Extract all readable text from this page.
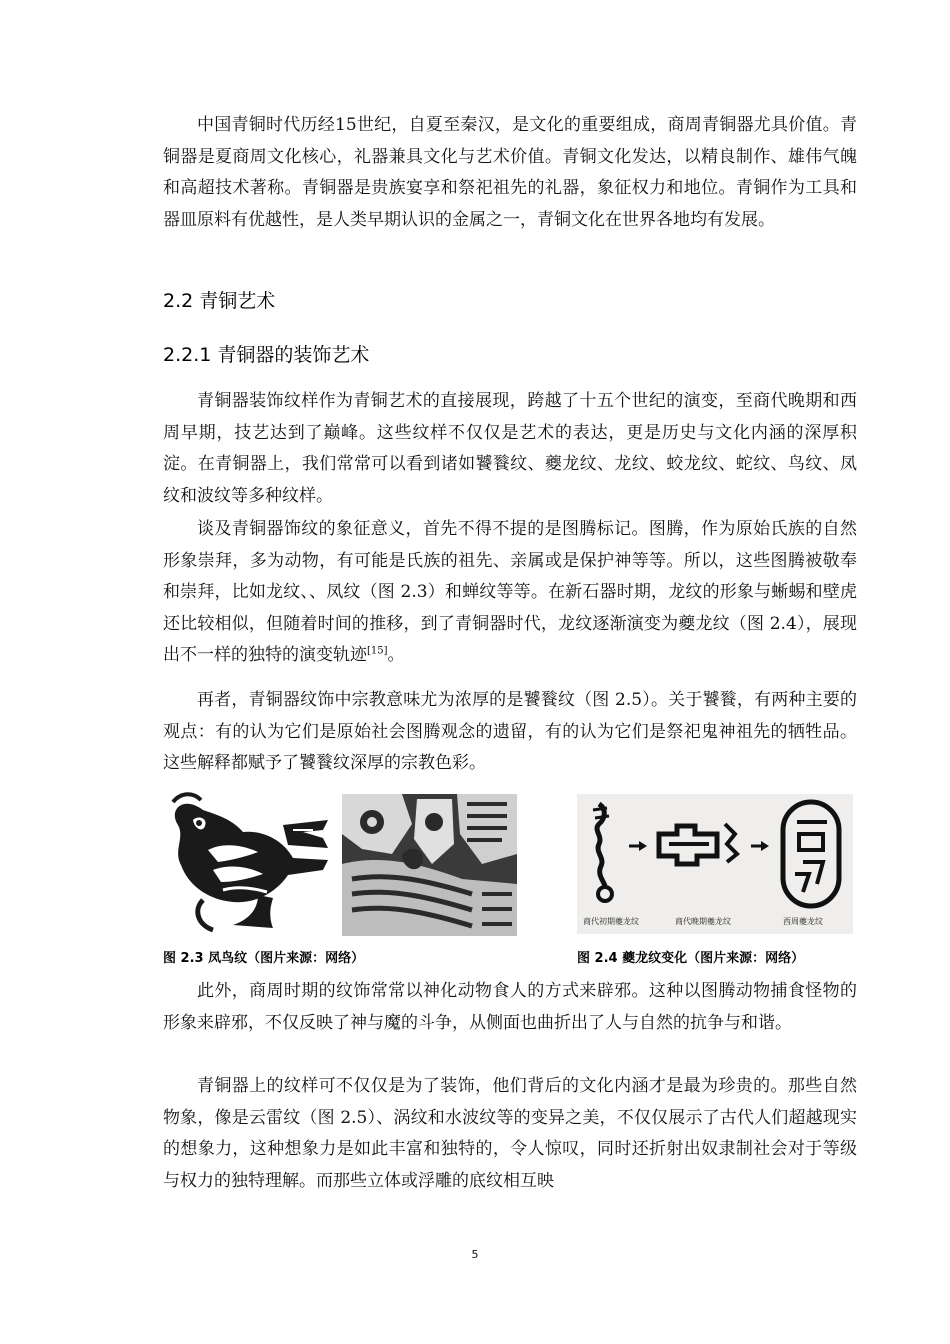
中国青铜时代历经15世纪，自夏至秦汉，是文化的重要组成，商周青铜器尤具价值。青铜器是夏商周文化核心，礼器兼具文化与艺术价值。青铜文化发达，以精良制作、雄伟气魄和高超技术著称。青铜器是贵族宴享和祭祀祖先的礼器，象征权力和地位。青铜作为工具和器皿原料有优越性，是人类早期认识的金属之一，青铜文化在世界各地均有发展。

2.2 青铜艺术
2.2.1 青铜器的装饰艺术

青铜器装饰纹样作为青铜艺术的直接展现，跨越了十五个世纪的演变，至商代晚期和西周早期，技艺达到了巅峰。这些纹样不仅仅是艺术的表达，更是历史与文化内涵的深厚积淀。在青铜器上，我们常常可以看到诸如饕餮纹、夔龙纹、龙纹、蛟龙纹、蛇纹、鸟纹、凤纹和波纹等多种纹样。

谈及青铜器饰纹的象征意义，首先不得不提的是图腾标记。图腾，作为原始氏族的自然形象崇拜，多为动物，有可能是氏族的祖先、亲属或是保护神等等。所以，这些图腾被敬奉和崇拜，比如龙纹、、凤纹（图 2.3）和蝉纹等等。在新石器时期，龙纹的形象与蜥蜴和壁虎还比较相似，但随着时间的推移，到了青铜器时代，龙纹逐渐演变为夔龙纹（图 2.4），展现出不一样的独特的演变轨迹[15]。

再者，青铜器纹饰中宗教意味尤为浓厚的是饕餮纹（图 2.5）。关于饕餮，有两种主要的观点：有的认为它们是原始社会图腾观念的遗留，有的认为它们是祭祀鬼神祖先的牺牲品。这些解释都赋予了饕餮纹深厚的宗教色彩。

商代初期夔龙纹	商代晚期夔龙纹	西周夔龙纹

图 2.3 凤鸟纹（图片来源：网络）	图 2.4 夔龙纹变化（图片来源：网络）

此外，商周时期的纹饰常常以神化动物食人的方式来辟邪。这种以图腾动物捕食怪物的形象来辟邪，不仅反映了神与魔的斗争，从侧面也曲折出了人与自然的抗争与和谐。

青铜器上的纹样可不仅仅是为了装饰，他们背后的文化内涵才是最为珍贵的。那些自然物象，像是云雷纹（图 2.5）、涡纹和水波纹等的变异之美，不仅仅展示了古代人们超越现实的想象力，这种想象力是如此丰富和独特的，令人惊叹，同时还折射出奴隶制社会对于等级与权力的独特理解。而那些立体或浮雕的底纹相互映

5
